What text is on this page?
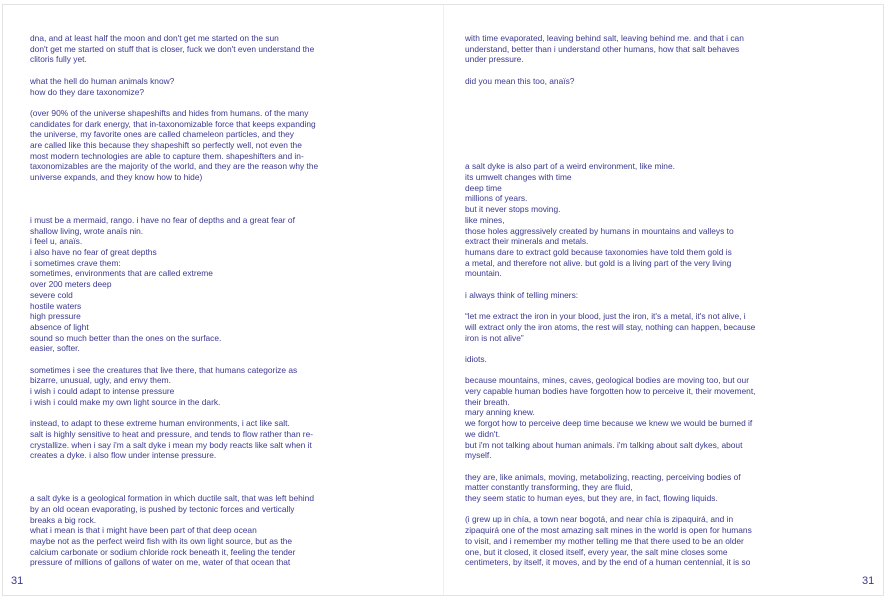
dna, and at least half the moon and don't get me started on the sun
don't get me started on stuff that is closer, fuck we don't even understand the
clitoris fully yet.
what the hell do human animals know?
how do they dare taxonomize?
(over 90% of the universe shapeshifts and hides from humans. of the many
candidates for dark energy, that in-taxonomizable force that keeps expanding
the universe, my favorite ones are called chameleon particles, and they
are called like this because they shapeshift so perfectly well, not even the
most modern technologies are able to capture them. shapeshifters and in-
taxonomizables are the majority of the world, and they are the reason why the
universe expands, and they know how to hide)

i must be a mermaid, rango. i have no fear of depths and a great fear of
shallow living, wrote anaïs nin.
i feel u, anaïs.
i also have no fear of great depths
i sometimes crave them:
sometimes, environments that are called extreme
over 200 meters deep
severe cold
hostile waters
high pressure
absence of light
sound so much better than the ones on the surface.
easier, softer.
sometimes i see the creatures that live there, that humans categorize as
bizarre, unusual, ugly, and envy them.
i wish i could adapt to intense pressure
i wish i could make my own light source in the dark.
instead, to adapt to these extreme human environments, i act like salt.
salt is highly sensitive to heat and pressure, and tends to flow rather than re-
crystallize. when i say i'm a salt dyke i mean my body reacts like salt when it
creates a dyke. i also flow under intense pressure.

a salt dyke is a geological formation in which ductile salt, that was left behind
by an old ocean evaporating, is pushed by tectonic forces and vertically
breaks a big rock.
what i mean is that i might have been part of that deep ocean
maybe not as the perfect weird fish with its own light source, but as the
calcium carbonate or sodium chloride rock beneath it, feeling the tender
pressure of millions of gallons of water on me, water of that ocean that
with time evaporated, leaving behind salt, leaving behind me. and that i can
understand, better than i understand other humans, how that salt behaves
under pressure.
did you mean this too, anaïs?

a salt dyke is also part of a weird environment, like mine.
its umwelt changes with time
deep time
millions of years.
but it never stops moving.
like mines,
those holes aggressively created by humans in mountains and valleys to
extract their minerals and metals.
humans dare to extract gold because taxonomies have told them gold is
a metal, and therefore not alive. but gold is a living part of the very living
mountain.
i always think of telling miners:
“let me extract the iron in your blood, just the iron, it's a metal, it's not alive, i
will extract only the iron atoms, the rest will stay, nothing can happen, because
iron is not alive”
idiots.
because mountains, mines, caves, geological bodies are moving too, but our
very capable human bodies have forgotten how to perceive it, their movement,
their breath.
mary anning knew.
we forgot how to perceive deep time because we knew we would be burned if
we didn't.
but i'm not talking about human animals. i'm talking about salt dykes, about
myself.
they are, like animals, moving, metabolizing, reacting, perceiving bodies of
matter constantly transforming, they are fluid,
they seem static to human eyes, but they are, in fact, flowing liquids.
(i grew up in chía, a town near bogotá, and near chía is zipaquirá, and in
zipaquirá one of the most amazing salt mines in the world is open for humans
to visit, and i remember my mother telling me that there used to be an older
one, but it closed, it closed itself, every year, the salt mine closes some
centimeters, by itself, it moves, and by the end of a human centennial, it is so
31	31
